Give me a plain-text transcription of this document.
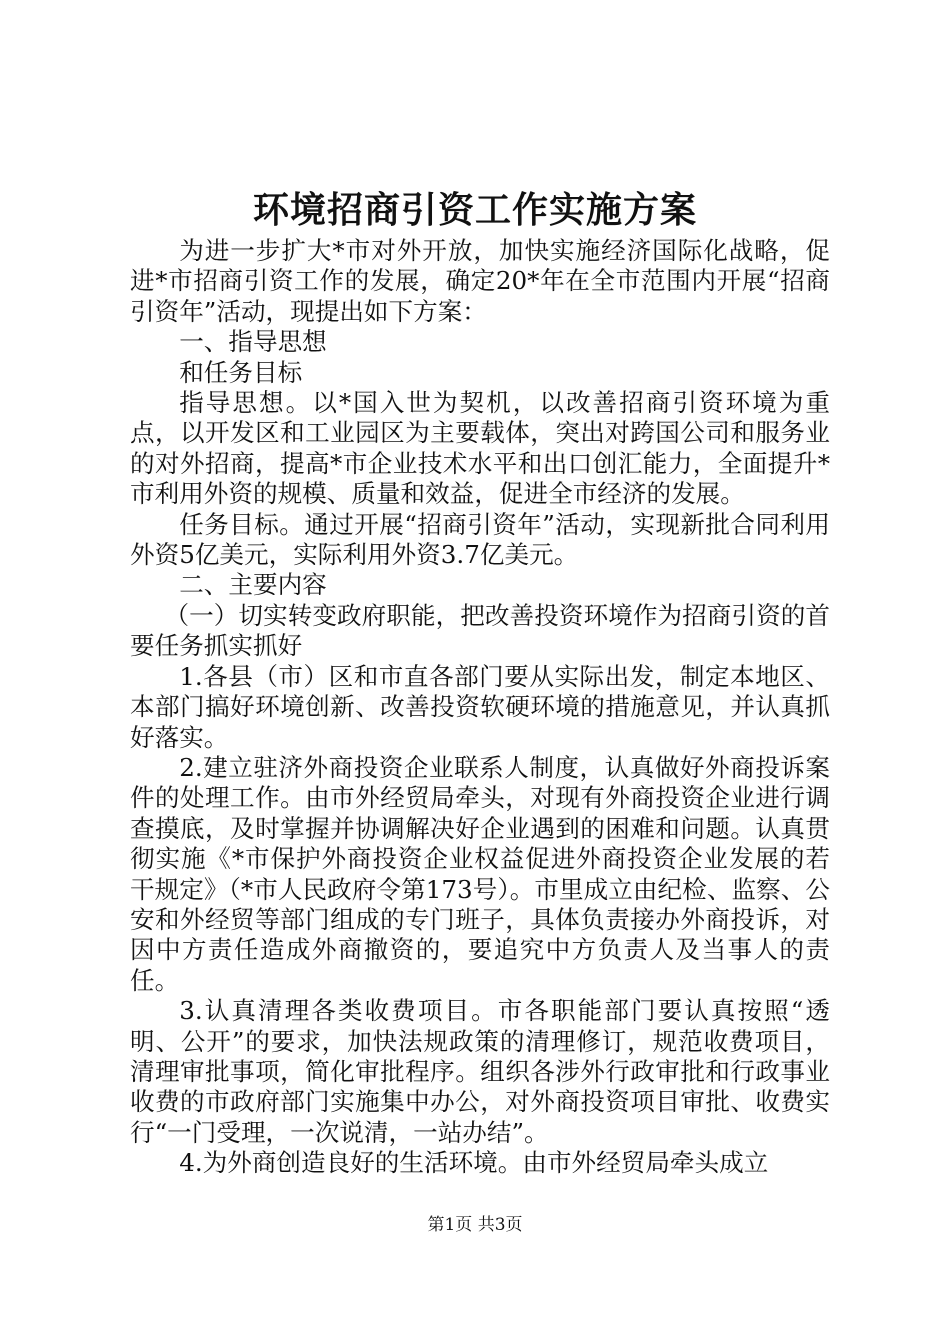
环境招商引资工作实施方案

为进一步扩大*市对外开放，加快实施经济国际化战略，促进*市招商引资工作的发展，确定20*年在全市范围内开展“招商引资年”活动，现提出如下方案：

一、指导思想

和任务目标

指导思想。以*国入世为契机，以改善招商引资环境为重点，以开发区和工业园区为主要载体，突出对跨国公司和服务业的对外招商，提高*市企业技术水平和出口创汇能力，全面提升*市利用外资的规模、质量和效益，促进全市经济的发展。

任务目标。通过开展“招商引资年”活动，实现新批合同利用外资5亿美元，实际利用外资3.7亿美元。

二、主要内容

（一）切实转变政府职能，把改善投资环境作为招商引资的首要任务抓实抓好

1.各县（市）区和市直各部门要从实际出发，制定本地区、本部门搞好环境创新、改善投资软硬环境的措施意见，并认真抓好落实。

2.建立驻济外商投资企业联系人制度，认真做好外商投诉案件的处理工作。由市外经贸局牵头，对现有外商投资企业进行调查摸底，及时掌握并协调解决好企业遇到的困难和问题。认真贯彻实施《*市保护外商投资企业权益促进外商投资企业发展的若干规定》（*市人民政府令第173号）。市里成立由纪检、监察、公安和外经贸等部门组成的专门班子，具体负责接办外商投诉，对因中方责任造成外商撤资的，要追究中方负责人及当事人的责任。

3.认真清理各类收费项目。市各职能部门要认真按照“透明、公开”的要求，加快法规政策的清理修订，规范收费项目，清理审批事项，简化审批程序。组织各涉外行政审批和行政事业收费的市政府部门实施集中办公，对外商投资项目审批、收费实行“一门受理，一次说清，一站办结”。

4.为外商创造良好的生活环境。由市外经贸局牵头成立

第1页 共3页
